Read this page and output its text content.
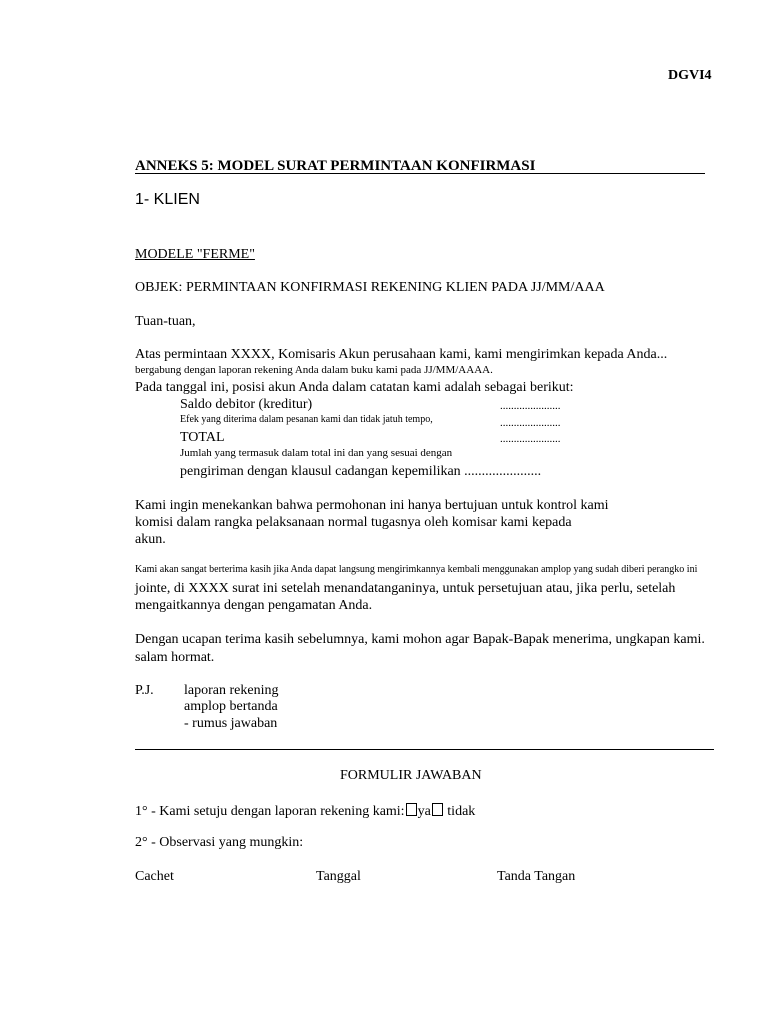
DGVI4
ANNEKS 5: MODEL SURAT PERMINTAAN KONFIRMASI
1- KLIEN
MODELE "FERME"
OBJEK: PERMINTAAN KONFIRMASI REKENING KLIEN PADA JJ/MM/AAA
Tuan-tuan,
Atas permintaan XXXX, Komisaris Akun perusahaan kami, kami mengirimkan kepada Anda...
bergabung dengan laporan rekening Anda dalam buku kami pada JJ/MM/AAAA.
Pada tanggal ini, posisi akun Anda dalam catatan kami adalah sebagai berikut:
Saldo debitor (kreditur)	......................
Efek yang diterima dalam pesanan kami dan tidak jatuh tempo,	......................
TOTAL	......................
Jumlah yang termasuk dalam total ini dan yang sesuai dengan
pengiriman dengan klausul cadangan kepemilikan ......................
Kami ingin menekankan bahwa permohonan ini hanya bertujuan untuk kontrol kami
komisi dalam rangka pelaksanaan normal tugasnya oleh komisar kami kepada
akun.
Kami akan sangat berterima kasih jika Anda dapat langsung mengirimkannya kembali menggunakan amplop yang sudah diberi perangko ini
jointe, di XXXX surat ini setelah menandatanganinya, untuk persetujuan atau, jika perlu, setelah
mengaitkannya dengan pengamatan Anda.
Dengan ucapan terima kasih sebelumnya, kami mohon agar Bapak-Bapak menerima, ungkapan kami.
salam hormat.
P.J. laporan rekening
amplop bertanda
- rumus jawaban
FORMULIR JAWABAN
1° - Kami setuju dengan laporan rekening kami: ya tidak
2° - Observasi yang mungkin:
Cachet	Tanggal	Tanda Tangan
